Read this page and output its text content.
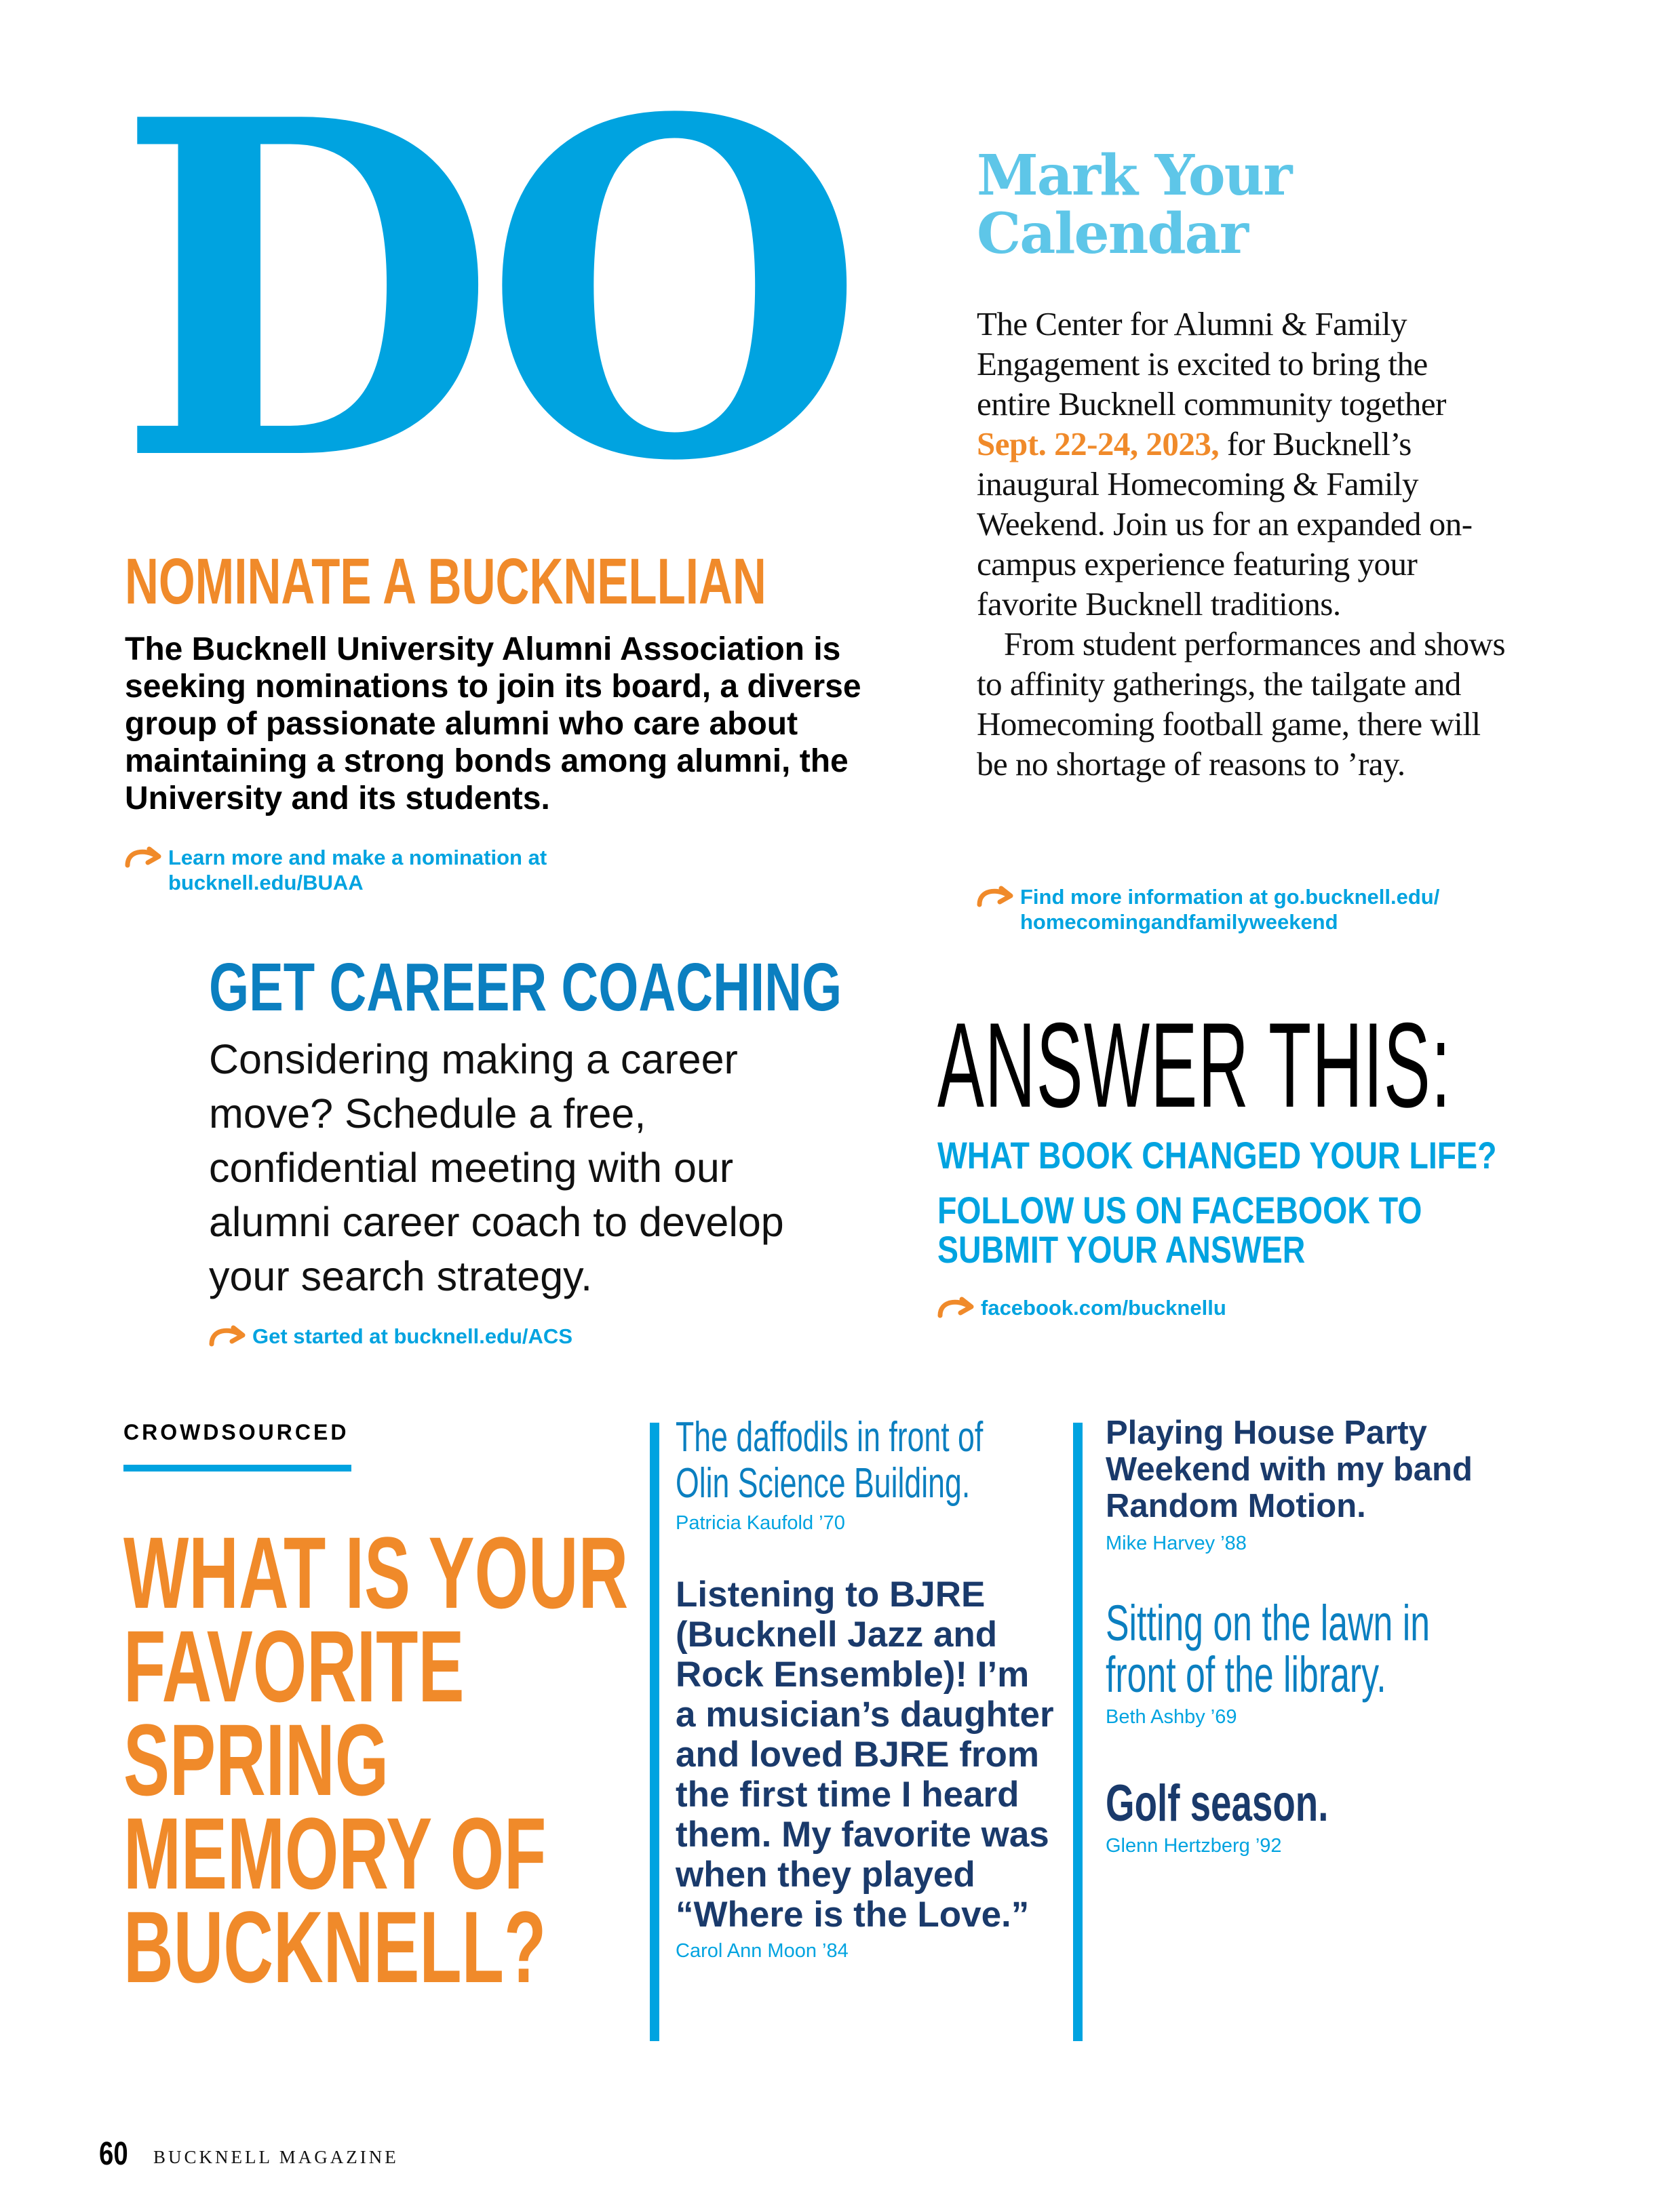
DO
NOMINATE A BUCKNELLIAN
The Bucknell University Alumni Association is seeking nominations to join its board, a diverse group of passionate alumni who care about maintaining a strong bonds among alumni, the University and its students.
Learn more and make a nomination at
bucknell.edu/BUAA
Mark Your
Calendar
The Center for Alumni & Family Engagement is excited to bring the entire Bucknell community together Sept. 22-24, 2023, for Bucknell’s inaugural Homecoming & Family Weekend. Join us for an expanded on-campus experience featuring your favorite Bucknell traditions.
From student performances and shows to affinity gatherings, the tailgate and Homecoming football game, there will be no shortage of reasons to ’ray.
Find more information at go.bucknell.edu/
homecomingandfamilyweekend
GET CAREER COACHING
Considering making a career move? Schedule a free, confidential meeting with our alumni career coach to develop your search strategy.
Get started at bucknell.edu/ACS
ANSWER THIS:
WHAT BOOK CHANGED YOUR LIFE?
FOLLOW US ON FACEBOOK TO
SUBMIT YOUR ANSWER
facebook.com/bucknellu
CROWDSOURCED
WHAT IS YOUR
FAVORITE
SPRING
MEMORY OF
BUCKNELL?
The daffodils in front of
Olin Science Building.
Patricia Kaufold ’70
Listening to BJRE (Bucknell Jazz and Rock Ensemble)! I’m a musician’s daughter and loved BJRE from the first time I heard them. My favorite was when they played “Where is the Love.”
Carol Ann Moon ’84
Playing House Party Weekend with my band Random Motion.
Mike Harvey ’88
Sitting on the lawn in
front of the library.
Beth Ashby ’69
Golf season.
Glenn Hertzberg ’92
60	BUCKNELL MAGAZINE
